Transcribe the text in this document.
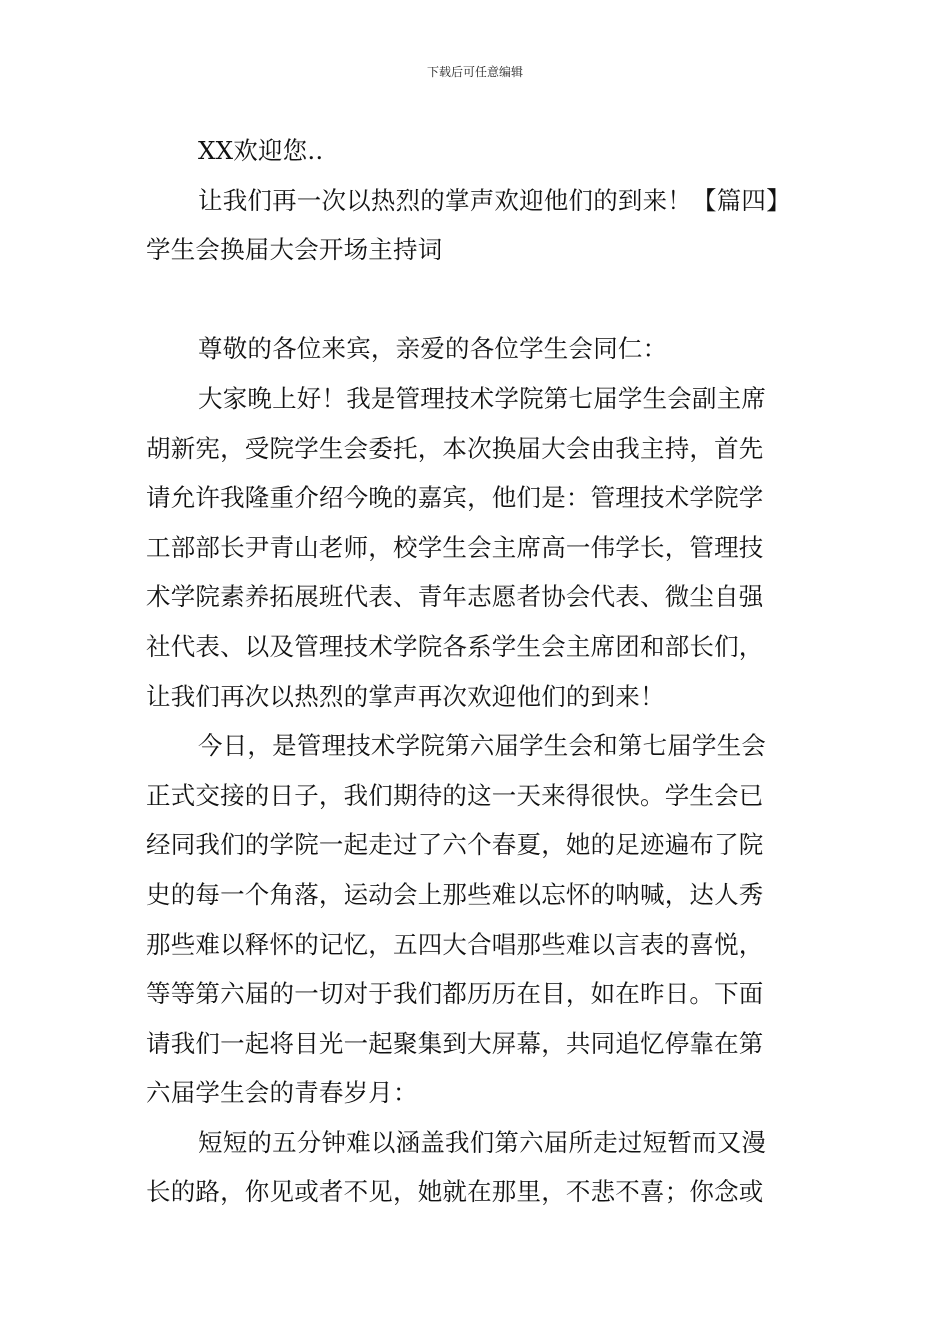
下载后可任意编辑
XX欢迎您..
让我们再一次以热烈的掌声欢迎他们的到来！【篇四】
学生会换届大会开场主持词
尊敬的各位来宾，亲爱的各位学生会同仁：
大家晚上好！我是管理技术学院第七届学生会副主席
胡新宪，受院学生会委托，本次换届大会由我主持，首先
请允许我隆重介绍今晚的嘉宾，他们是：管理技术学院学
工部部长尹青山老师，校学生会主席高一伟学长，管理技
术学院素养拓展班代表、青年志愿者协会代表、微尘自强
社代表、以及管理技术学院各系学生会主席团和部长们，
让我们再次以热烈的掌声再次欢迎他们的到来！
今日，是管理技术学院第六届学生会和第七届学生会
正式交接的日子，我们期待的这一天来得很快。学生会已
经同我们的学院一起走过了六个春夏，她的足迹遍布了院
史的每一个角落，运动会上那些难以忘怀的呐喊，达人秀
那些难以释怀的记忆，五四大合唱那些难以言表的喜悦，
等等第六届的一切对于我们都历历在目，如在昨日。下面
请我们一起将目光一起聚集到大屏幕，共同追忆停靠在第
六届学生会的青春岁月：
短短的五分钟难以涵盖我们第六届所走过短暂而又漫
长的路，你见或者不见，她就在那里，不悲不喜；你念或
